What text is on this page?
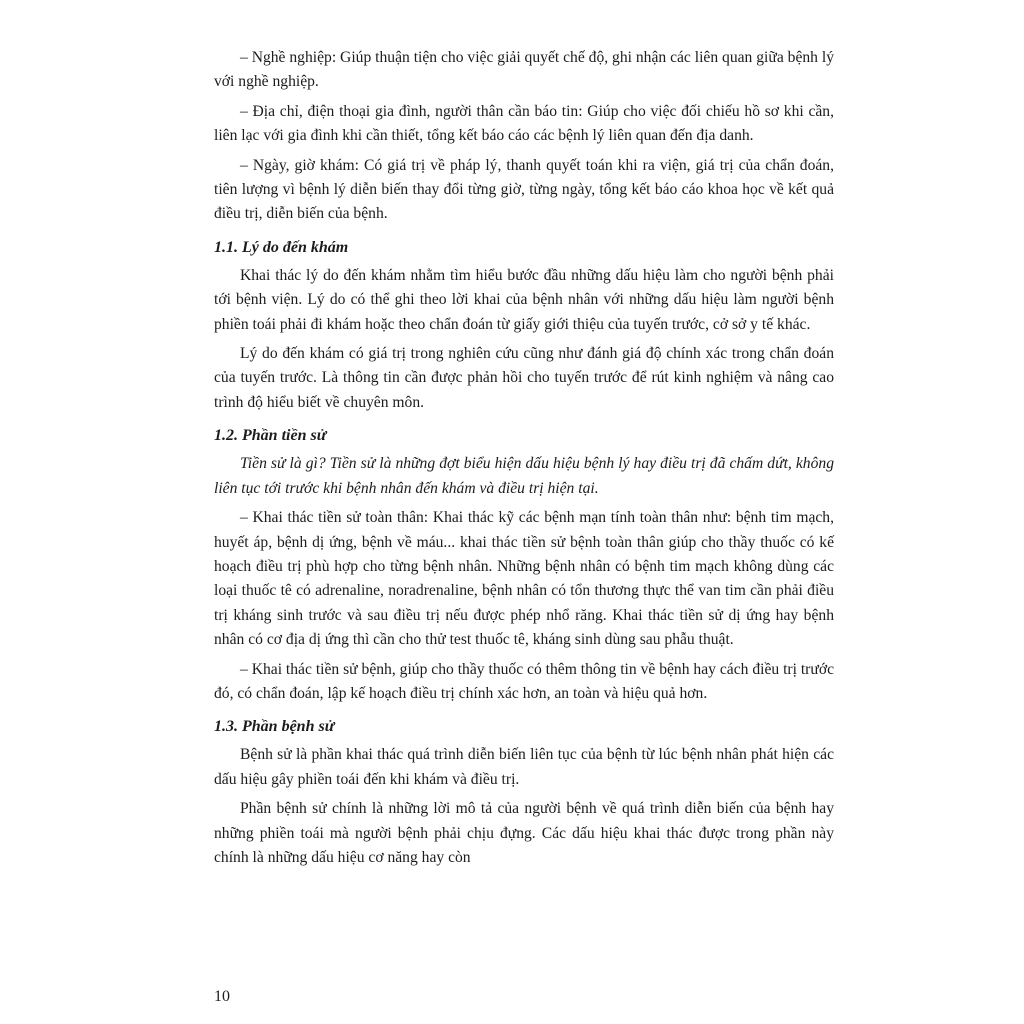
– Nghề nghiệp: Giúp thuận tiện cho việc giải quyết chế độ, ghi nhận các liên quan giữa bệnh lý với nghề nghiệp.

– Địa chỉ, điện thoại gia đình, người thân cần báo tin: Giúp cho việc đối chiếu hồ sơ khi cần, liên lạc với gia đình khi cần thiết, tổng kết báo cáo các bệnh lý liên quan đến địa danh.

– Ngày, giờ khám: Có giá trị về pháp lý, thanh quyết toán khi ra viện, giá trị của chẩn đoán, tiên lượng vì bệnh lý diễn biến thay đổi từng giờ, từng ngày, tổng kết báo cáo khoa học về kết quả điều trị, diễn biến của bệnh.

1.1. Lý do đến khám

Khai thác lý do đến khám nhằm tìm hiểu bước đầu những dấu hiệu làm cho người bệnh phải tới bệnh viện. Lý do có thể ghi theo lời khai của bệnh nhân với những dấu hiệu làm người bệnh phiền toái phải đi khám hoặc theo chẩn đoán từ giấy giới thiệu của tuyến trước, cở sở y tế khác.

Lý do đến khám có giá trị trong nghiên cứu cũng như đánh giá độ chính xác trong chẩn đoán của tuyến trước. Là thông tin cần được phản hồi cho tuyến trước để rút kinh nghiệm và nâng cao trình độ hiểu biết về chuyên môn.

1.2. Phần tiền sử

Tiền sử là gì? Tiền sử là những đợt biểu hiện dấu hiệu bệnh lý hay điều trị đã chấm dứt, không liên tục tới trước khi bệnh nhân đến khám và điều trị hiện tại.

– Khai thác tiền sử toàn thân: Khai thác kỹ các bệnh mạn tính toàn thân như: bệnh tim mạch, huyết áp, bệnh dị ứng, bệnh về máu... khai thác tiền sử bệnh toàn thân giúp cho thầy thuốc có kế hoạch điều trị phù hợp cho từng bệnh nhân. Những bệnh nhân có bệnh tim mạch không dùng các loại thuốc tê có adrenaline, noradrenaline, bệnh nhân có tổn thương thực thể van tim cần phải điều trị kháng sinh trước và sau điều trị nếu được phép nhổ răng. Khai thác tiền sử dị ứng hay bệnh nhân có cơ địa dị ứng thì cần cho thử test thuốc tê, kháng sinh dùng sau phẫu thuật.

– Khai thác tiền sử bệnh, giúp cho thầy thuốc có thêm thông tin về bệnh hay cách điều trị trước đó, có chẩn đoán, lập kế hoạch điều trị chính xác hơn, an toàn và hiệu quả hơn.

1.3. Phần bệnh sử

Bệnh sử là phần khai thác quá trình diễn biến liên tục của bệnh từ lúc bệnh nhân phát hiện các dấu hiệu gây phiền toái đến khi khám và điều trị.

Phần bệnh sử chính là những lời mô tả của người bệnh về quá trình diễn biến của bệnh hay những phiền toái mà người bệnh phải chịu đựng. Các dấu hiệu khai thác được trong phần này chính là những dấu hiệu cơ năng hay còn

10
